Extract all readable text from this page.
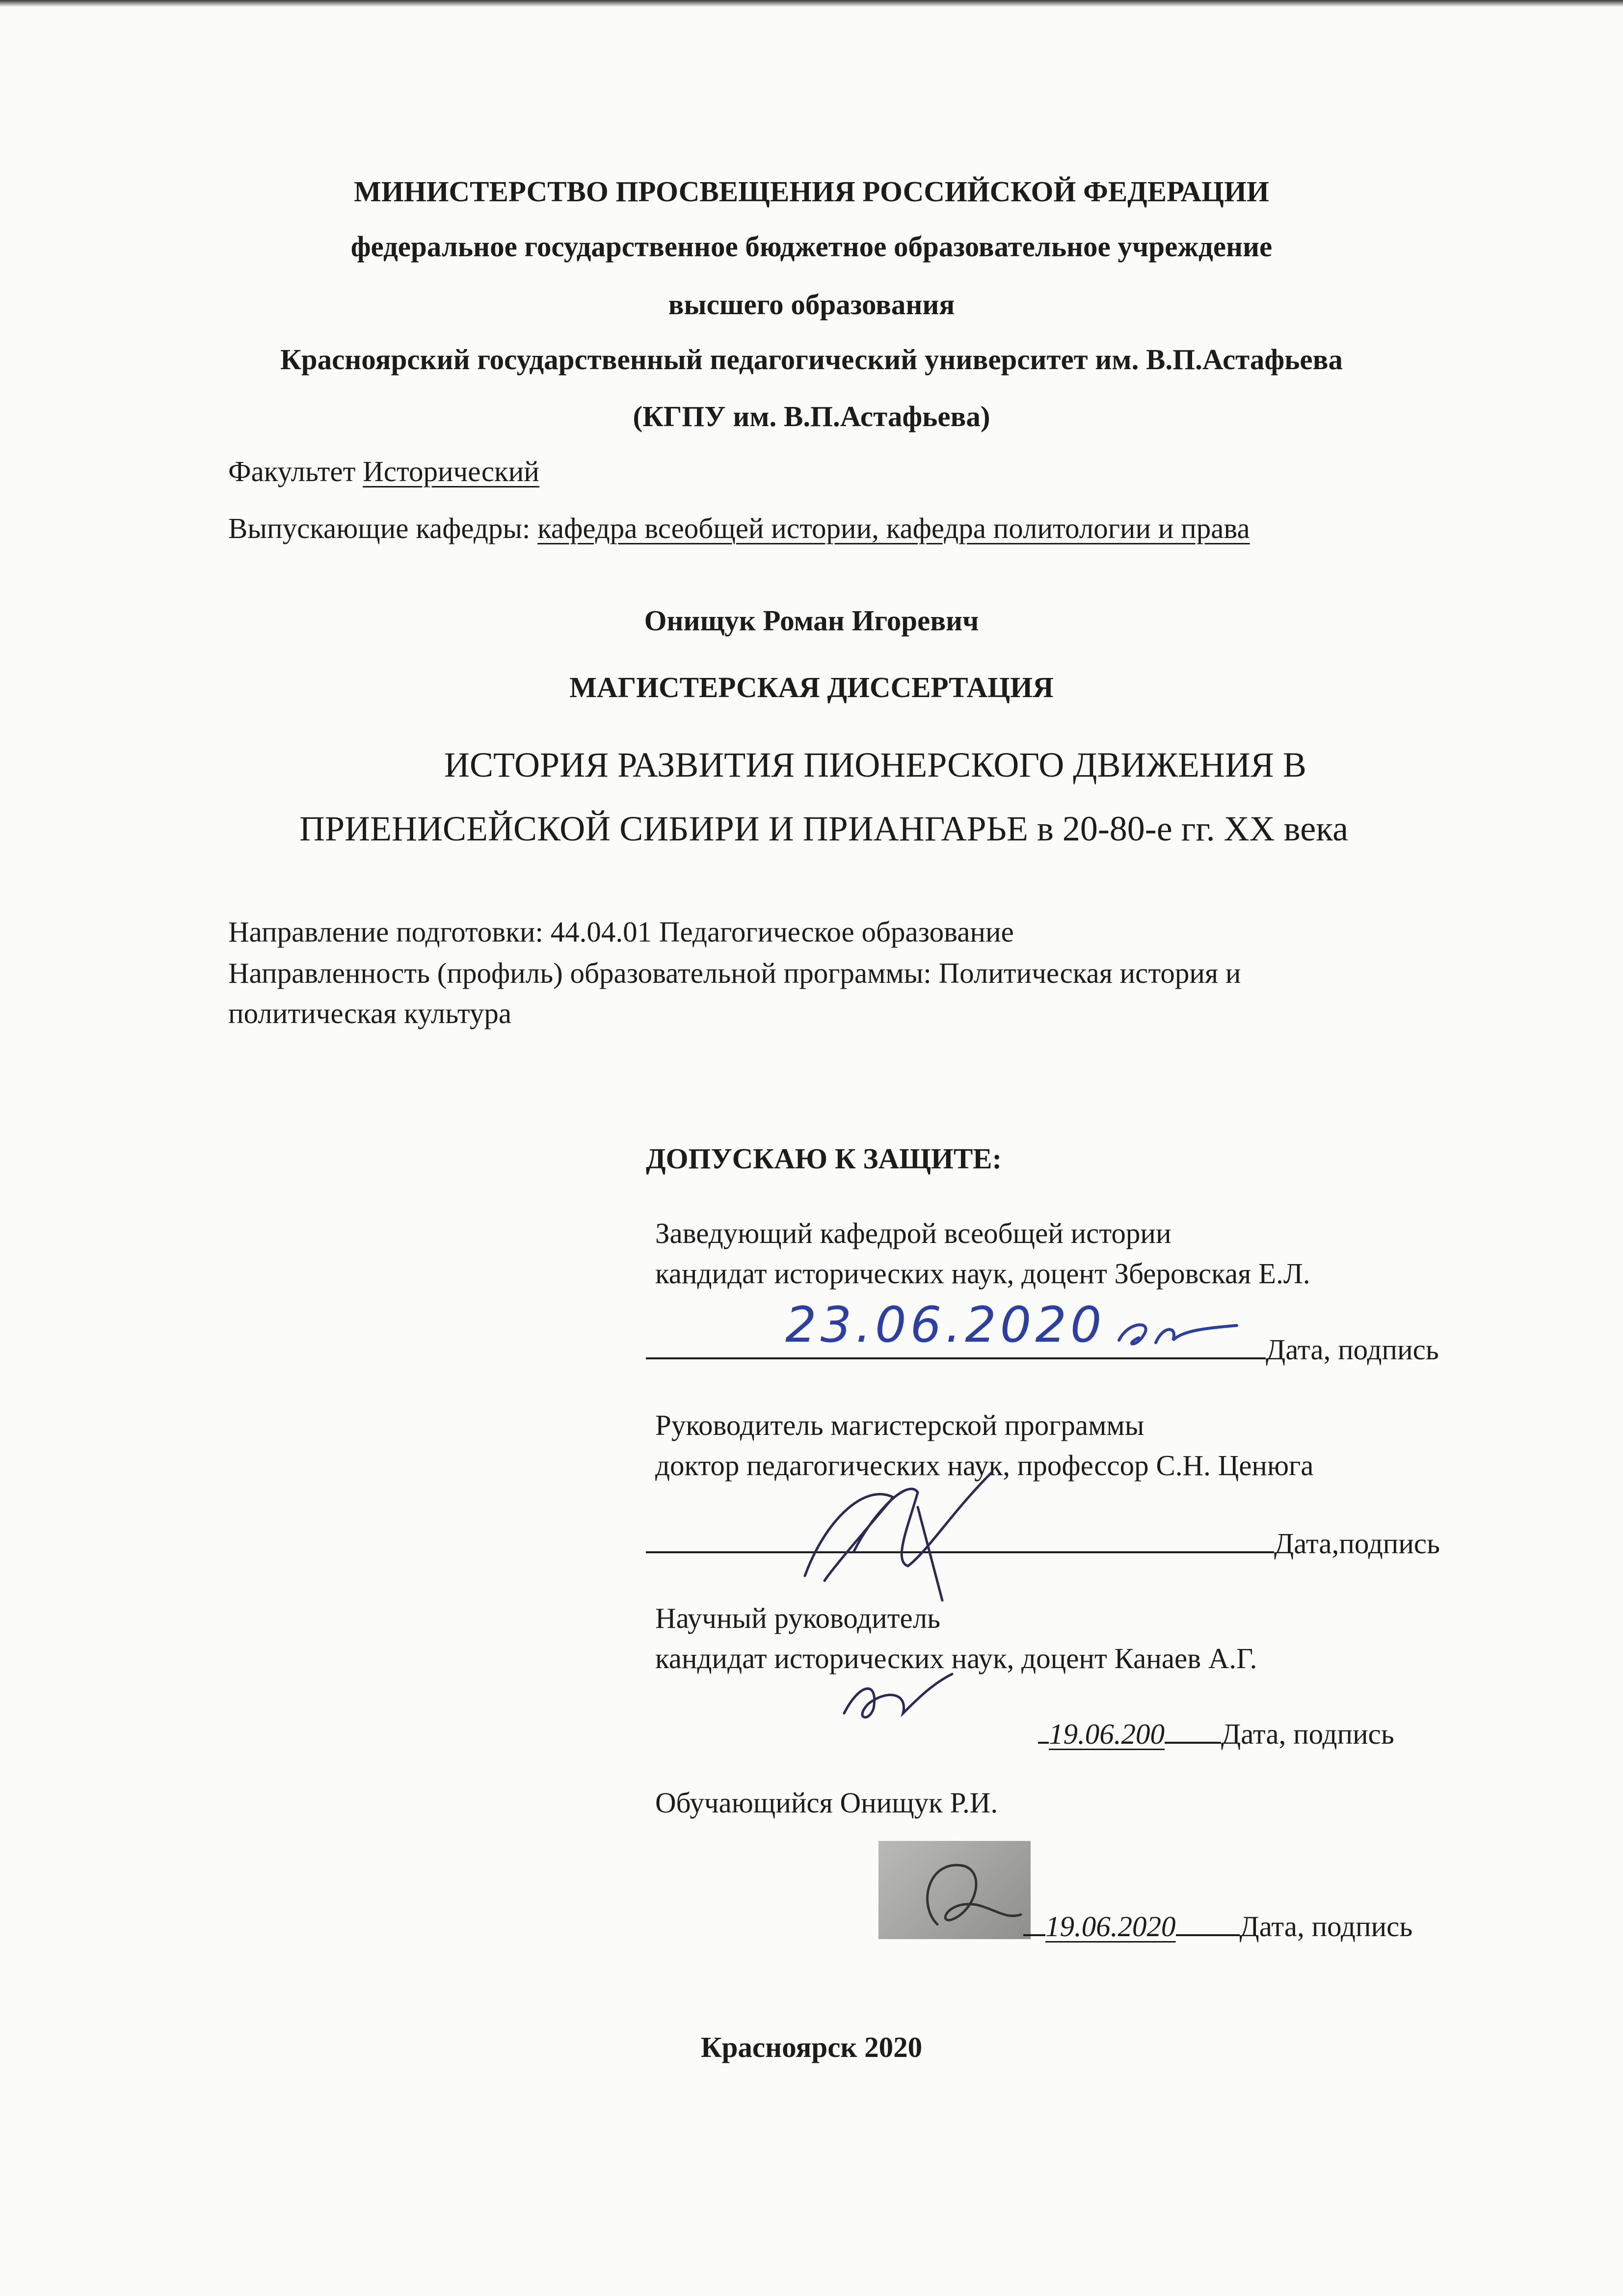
МИНИСТЕРСТВО ПРОСВЕЩЕНИЯ РОССИЙСКОЙ ФЕДЕРАЦИИ
федеральное государственное бюджетное образовательное учреждение
высшего образования
Красноярский государственный педагогический университет им. В.П.Астафьева
(КГПУ им. В.П.Астафьева)
Факультет Исторический
Выпускающие кафедры: кафедра всеобщей истории, кафедра политологии и права
Онищук Роман Игоревич
МАГИСТЕРСКАЯ ДИССЕРТАЦИЯ
ИСТОРИЯ РАЗВИТИЯ ПИОНЕРСКОГО ДВИЖЕНИЯ В
ПРИЕНИСЕЙСКОЙ СИБИРИ И ПРИАНГАРЬЕ в 20-80-е гг. XX века
Направление подготовки: 44.04.01 Педагогическое образование
Направленность (профиль) образовательной программы: Политическая история и
политическая культура
ДОПУСКАЮ К ЗАЩИТЕ:
Заведующий кафедрой всеобщей истории
кандидат исторических наук, доцент Зберовская Е.Л.
Дата, подпись
23.06.2020
Руководитель магистерской программы
доктор педагогических наук, профессор С.Н. Ценюга
Дата,подпись
Научный руководитель
кандидат исторических наук, доцент Канаев А.Г.
19.06.200 Дата, подпись
Обучающийся Онищук Р.И.
19.06.2020 Дата, подпись
Красноярск 2020
